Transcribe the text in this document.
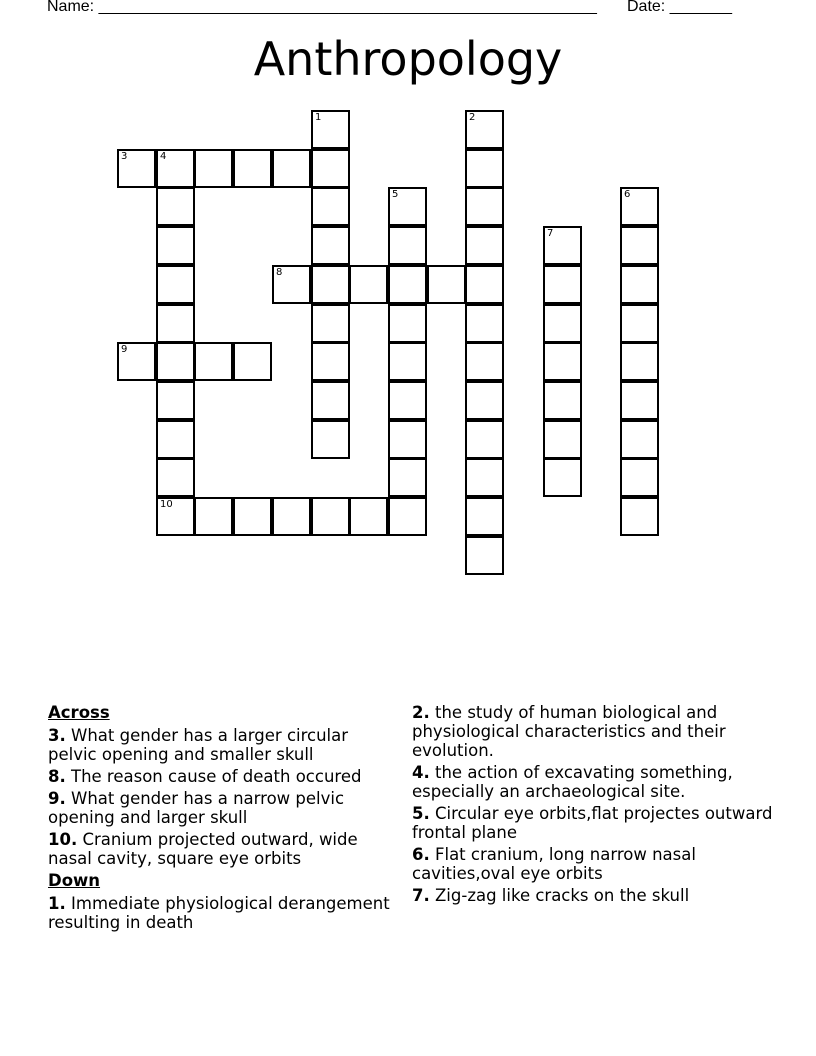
Name: ________________________________________________________ Date: _______
Anthropology
1	2
3	4
5	6
7
8
9
10
Across
3. What gender has a larger circular pelvic opening and smaller skull
8. The reason cause of death occured
9. What gender has a narrow pelvic opening and larger skull
10. Cranium projected outward, wide nasal cavity, square eye orbits
Down
1. Immediate physiological derangement resulting in death
2. the study of human biological and physiological characteristics and their evolution.
4. the action of excavating something, especially an archaeological site.
5. Circular eye orbits,flat projectes outward frontal plane
6. Flat cranium, long narrow nasal cavities,oval eye orbits
7. Zig-zag like cracks on the skull
